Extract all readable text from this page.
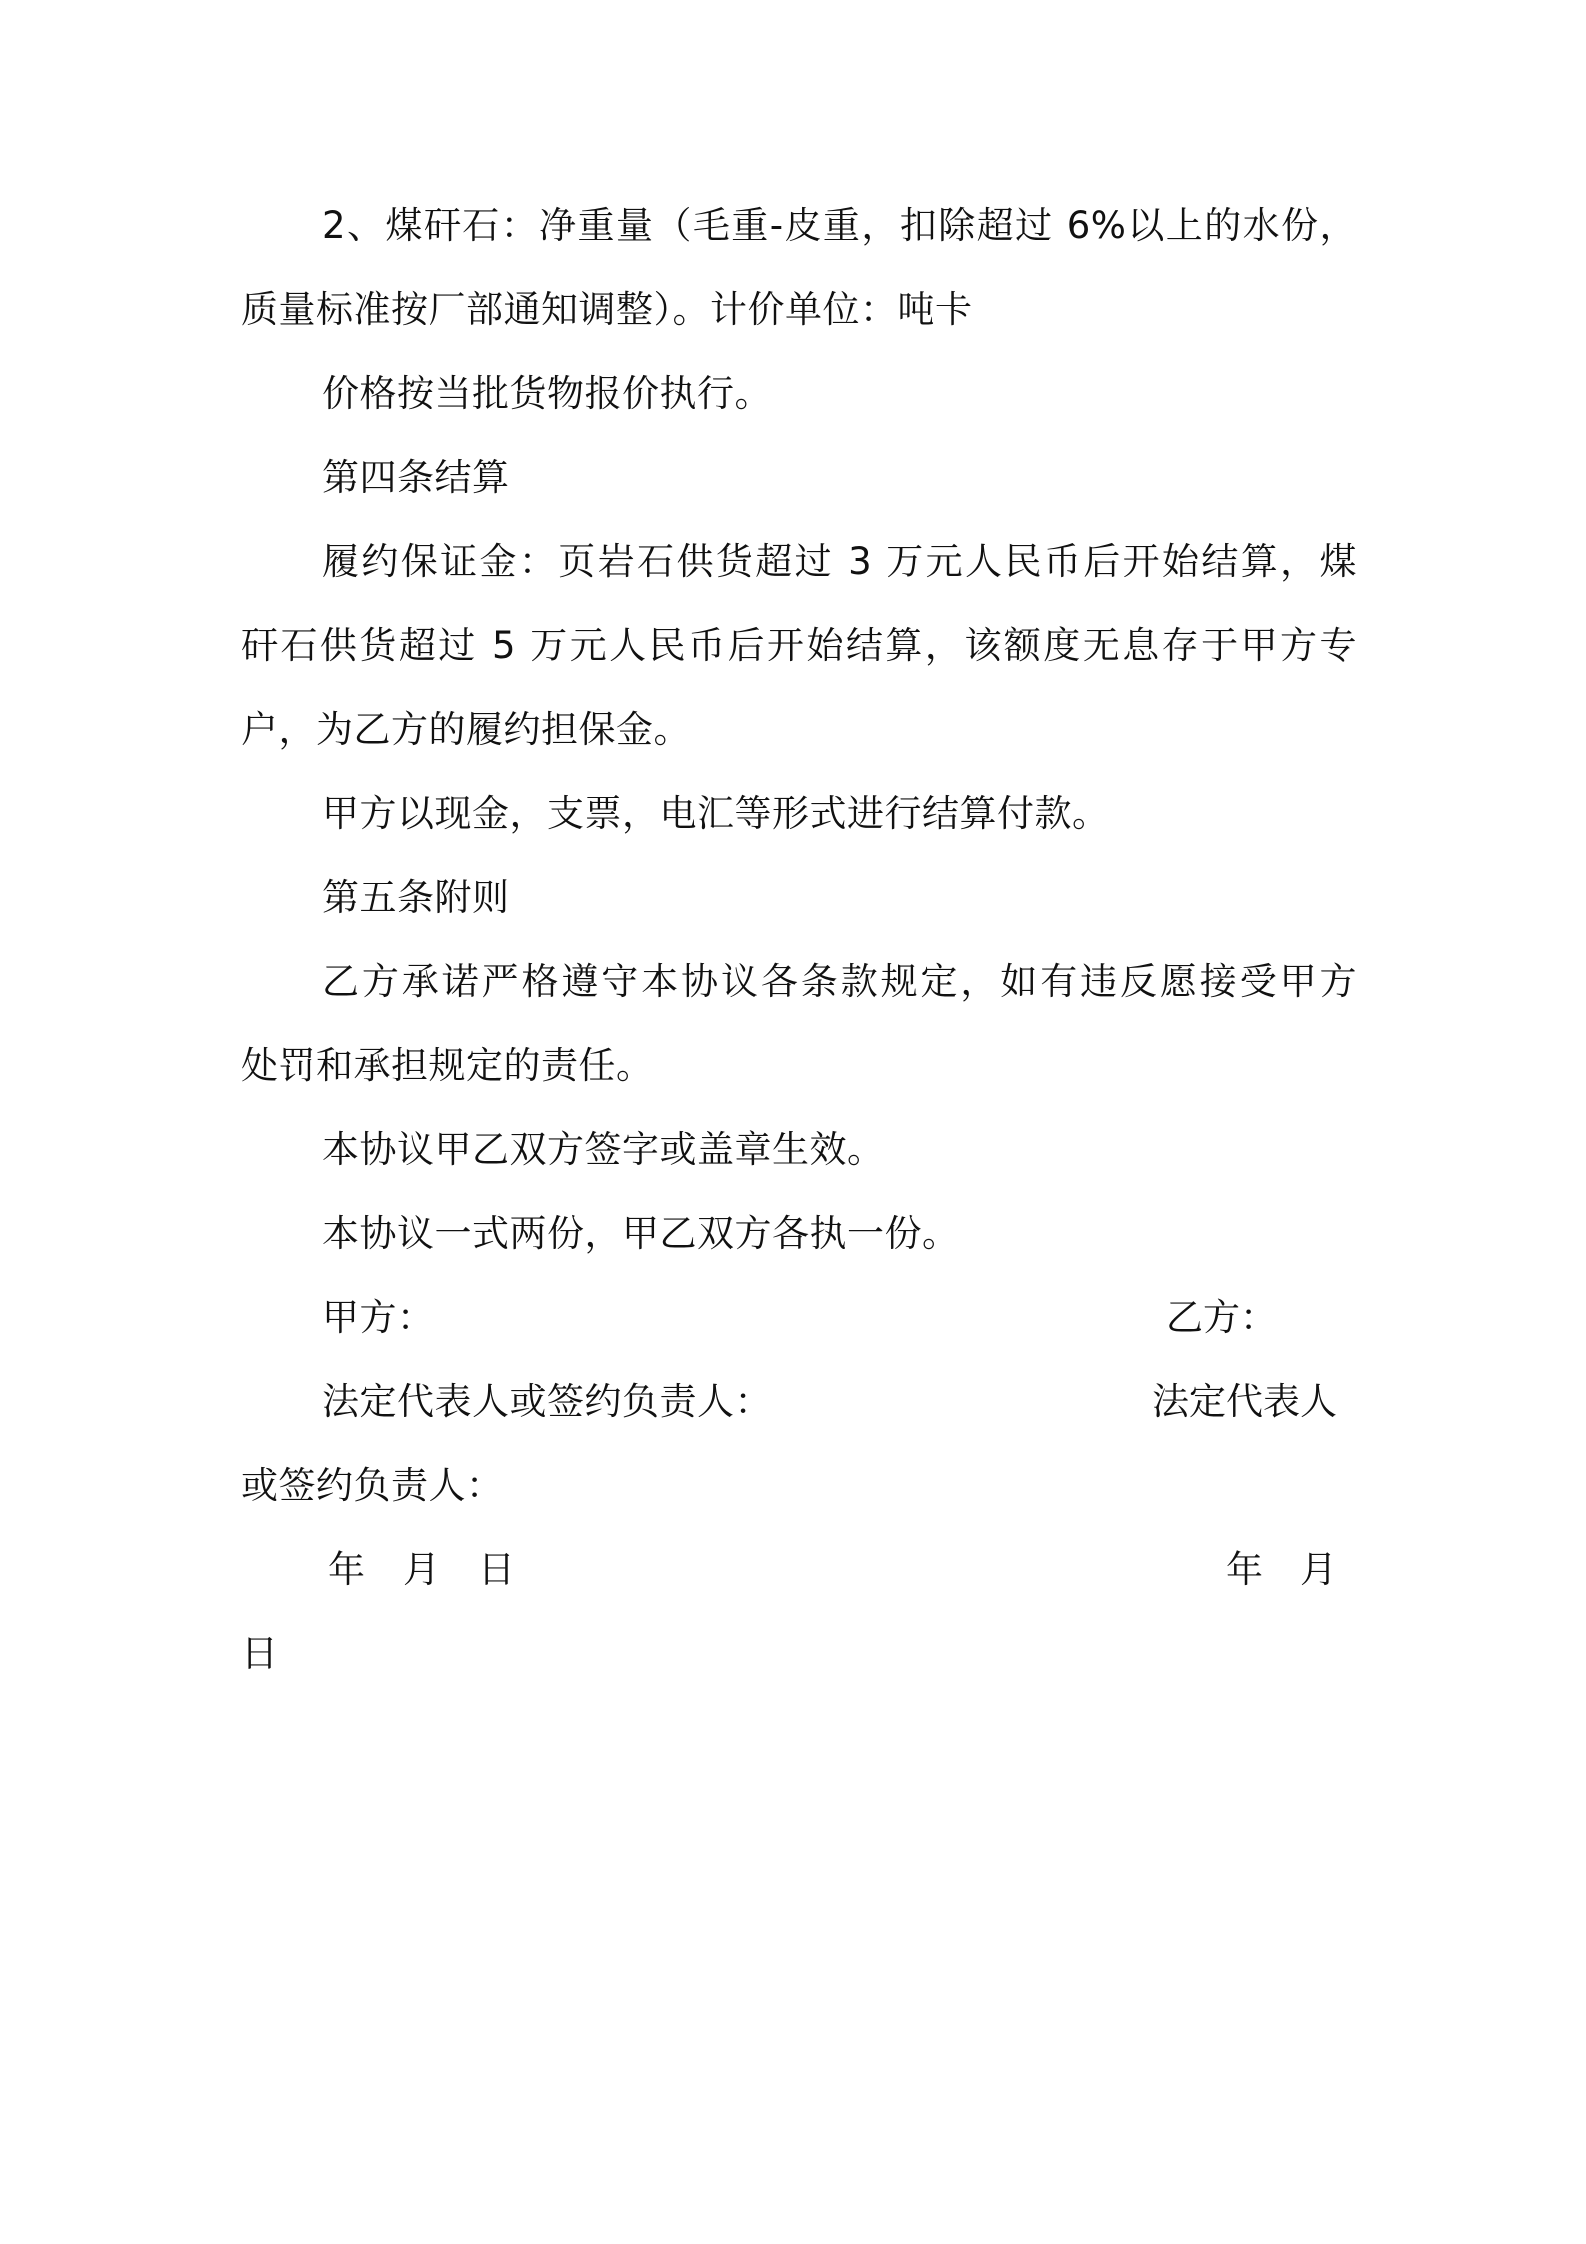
2、煤矸石：净重量（毛重-皮重，扣除超过 6%以上的水份，
质量标准按厂部通知调整）。计价单位：吨卡
价格按当批货物报价执行。
第四条结算
履约保证金：页岩石供货超过 3 万元人民币后开始结算，煤
矸石供货超过 5 万元人民币后开始结算，该额度无息存于甲方专
户，为乙方的履约担保金。
甲方以现金，支票，电汇等形式进行结算付款。
第五条附则
乙方承诺严格遵守本协议各条款规定，如有违反愿接受甲方
处罚和承担规定的责任。
本协议甲乙双方签字或盖章生效。
本协议一式两份，甲乙双方各执一份。
甲方：	乙方：
法定代表人或签约负责人：	法定代表人
或签约负责人：
年　月　日	年　月
日
